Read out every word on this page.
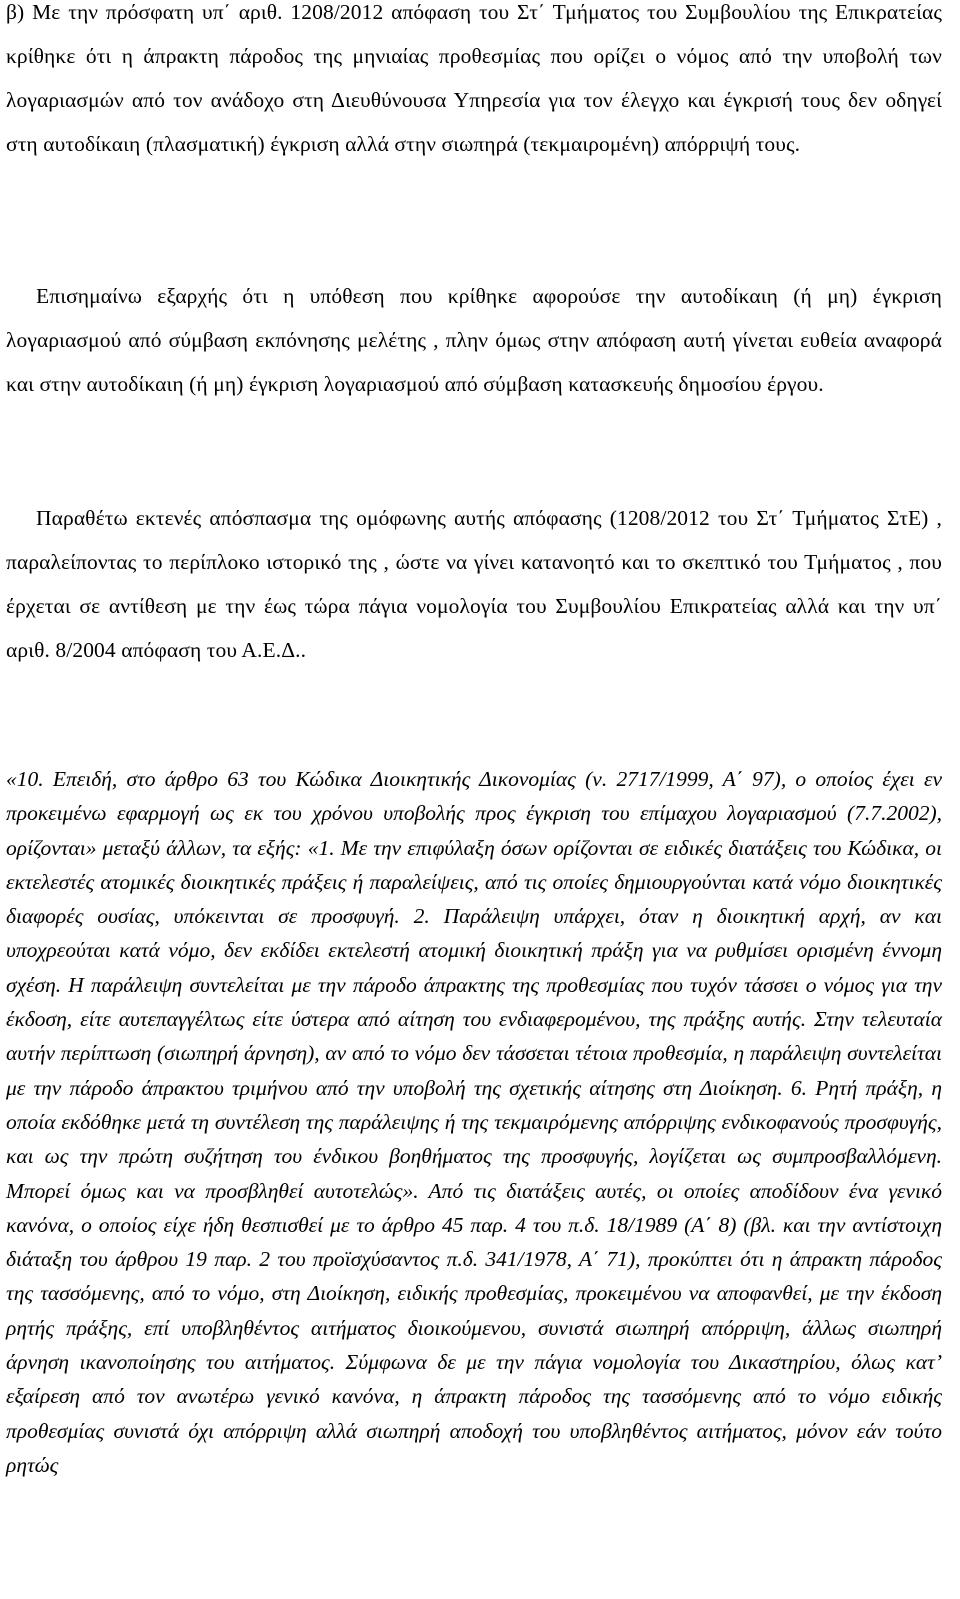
β) Με την πρόσφατη υπ΄ αριθ. 1208/2012 απόφαση του Στ΄ Τμήματος του Συμβουλίου της Επικρατείας κρίθηκε ότι η άπρακτη πάροδος της μηνιαίας προθεσμίας που ορίζει ο νόμος από την υποβολή των λογαριασμών από τον ανάδοχο στη Διευθύνουσα Υπηρεσία για τον έλεγχο και έγκρισή τους δεν οδηγεί στη αυτοδίκαιη (πλασματική) έγκριση αλλά στην σιωπηρά (τεκμαιρομένη) απόρριψή τους.

Επισημαίνω εξαρχής ότι η υπόθεση που κρίθηκε αφορούσε την αυτοδίκαιη (ή μη) έγκριση λογαριασμού από σύμβαση εκπόνησης μελέτης , πλην όμως στην απόφαση αυτή γίνεται ευθεία αναφορά και στην αυτοδίκαιη (ή μη) έγκριση λογαριασμού από σύμβαση κατασκευής δημοσίου έργου.

Παραθέτω εκτενές απόσπασμα της ομόφωνης αυτής απόφασης (1208/2012 του Στ΄ Τμήματος ΣτΕ) , παραλείποντας το περίπλοκο ιστορικό της , ώστε να γίνει κατανοητό και το σκεπτικό του Τμήματος , που έρχεται σε αντίθεση με την έως τώρα πάγια νομολογία του Συμβουλίου Επικρατείας αλλά και την υπ΄ αριθ. 8/2004 απόφαση του Α.Ε.Δ..

«10. Επειδή, στο άρθρο 63 του Κώδικα Διοικητικής Δικονομίας (ν. 2717/1999, Α΄ 97), ο οποίος έχει εν προκειμένω εφαρμογή ως εκ του χρόνου υποβολής προς έγκριση του επίμαχου λογαριασμού (7.7.2002), ορίζονται» μεταξύ άλλων, τα εξής: «1. Με την επιφύλαξη όσων ορίζονται σε ειδικές διατάξεις του Κώδικα, οι εκτελεστές ατομικές διοικητικές πράξεις ή παραλείψεις, από τις οποίες δημιουργούνται κατά νόμο διοικητικές διαφορές ουσίας, υπόκεινται σε προσφυγή. 2. Παράλειψη υπάρχει, όταν η διοικητική αρχή, αν και υποχρεούται κατά νόμο, δεν εκδίδει εκτελεστή ατομική διοικητική πράξη για να ρυθμίσει ορισμένη έννομη σχέση. Η παράλειψη συντελείται με την πάροδο άπρακτης της προθεσμίας που τυχόν τάσσει ο νόμος για την έκδοση, είτε αυτεπαγγέλτως είτε ύστερα από αίτηση του ενδιαφερομένου, της πράξης αυτής. Στην τελευταία αυτήν περίπτωση (σιωπηρή άρνηση), αν από το νόμο δεν τάσσεται τέτοια προθεσμία, η παράλειψη συντελείται με την πάροδο άπρακτου τριμήνου από την υποβολή της σχετικής αίτησης στη Διοίκηση. 6. Ρητή πράξη, η οποία εκδόθηκε μετά τη συντέλεση της παράλειψης ή της τεκμαιρόμενης απόρριψης ενδικοφανούς προσφυγής, και ως την πρώτη συζήτηση του ένδικου βοηθήματος της προσφυγής, λογίζεται ως συμπροσβαλλόμενη. Μπορεί όμως και να προσβληθεί αυτοτελώς». Από τις διατάξεις αυτές, οι οποίες αποδίδουν ένα γενικό κανόνα, ο οποίος είχε ήδη θεσπισθεί με το άρθρο 45 παρ. 4 του π.δ. 18/1989 (Α΄ 8) (βλ. και την αντίστοιχη διάταξη του άρθρου 19 παρ. 2 του προϊσχύσαντος π.δ. 341/1978, Α΄ 71), προκύπτει ότι η άπρακτη πάροδος της τασσόμενης, από το νόμο, στη Διοίκηση, ειδικής προθεσμίας, προκειμένου να αποφανθεί, με την έκδοση ρητής πράξης, επί υποβληθέντος αιτήματος διοικούμενου, συνιστά σιωπηρή απόρριψη, άλλως σιωπηρή άρνηση ικανοποίησης του αιτήματος. Σύμφωνα δε με την πάγια νομολογία του Δικαστηρίου, όλως κατ’ εξαίρεση από τον ανωτέρω γενικό κανόνα, η άπρακτη πάροδος της τασσόμενης από το νόμο ειδικής προθεσμίας συνιστά όχι απόρριψη αλλά σιωπηρή αποδοχή του υποβληθέντος αιτήματος, μόνον εάν τούτο ρητώς
